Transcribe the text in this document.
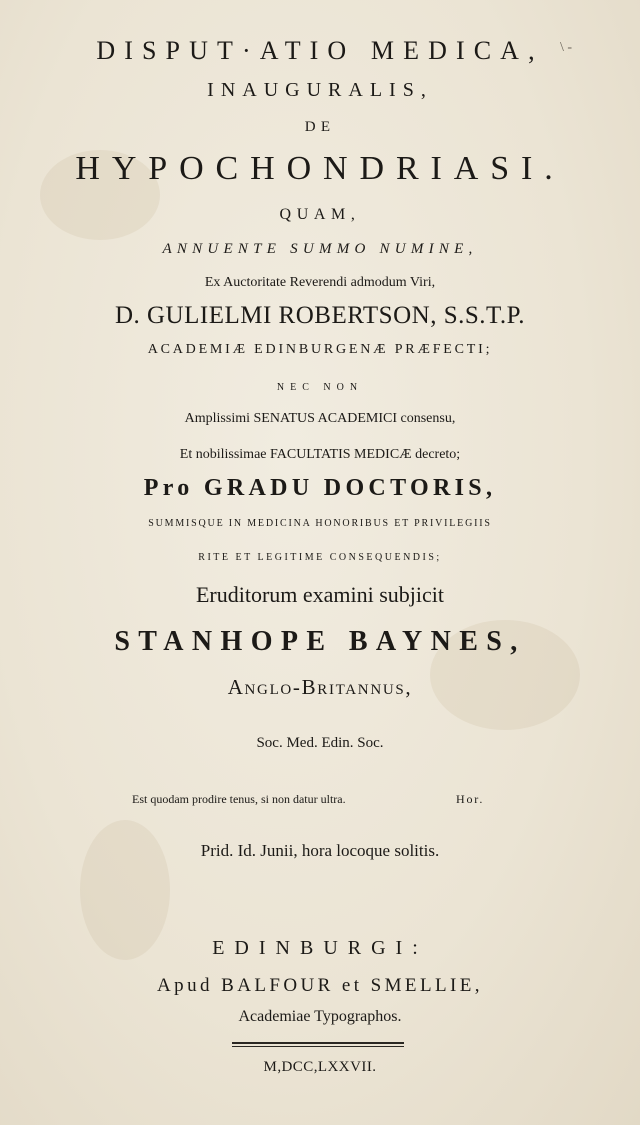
\ -
DISPUT·ATIO MEDICA,
INAUGURALIS,
DE
HYPOCHONDRIASI.
QUAM,
ANNUENTE SUMMO NUMINE,
Ex Auctoritate Reverendi admodum Viri,
D. GULIELMI ROBERTSON, S.S.T.P.
ACADEMIÆ EDINBURGENÆ PRÆFECTI;
NEC NON
Amplissimi SENATUS ACADEMICI consensu,
Et nobilissimae FACULTATIS MEDICÆ decreto;
Pro GRADU DOCTORIS,
SUMMISQUE IN MEDICINA HONORIBUS ET PRIVILEGIIS
RITE ET LEGITIME CONSEQUENDIS;
Eruditorum examini subjicit
STANHOPE BAYNES,
Anglo-Britannus,
Soc. Med. Edin. Soc.
Est quodam prodire tenus, si non datur ultra.	Hor.
Prid. Id. Junii, hora locoque solitis.
EDINBURGI:
Apud BALFOUR et SMELLIE,
Academiae Typographos.
M,DCC,LXXVII.
